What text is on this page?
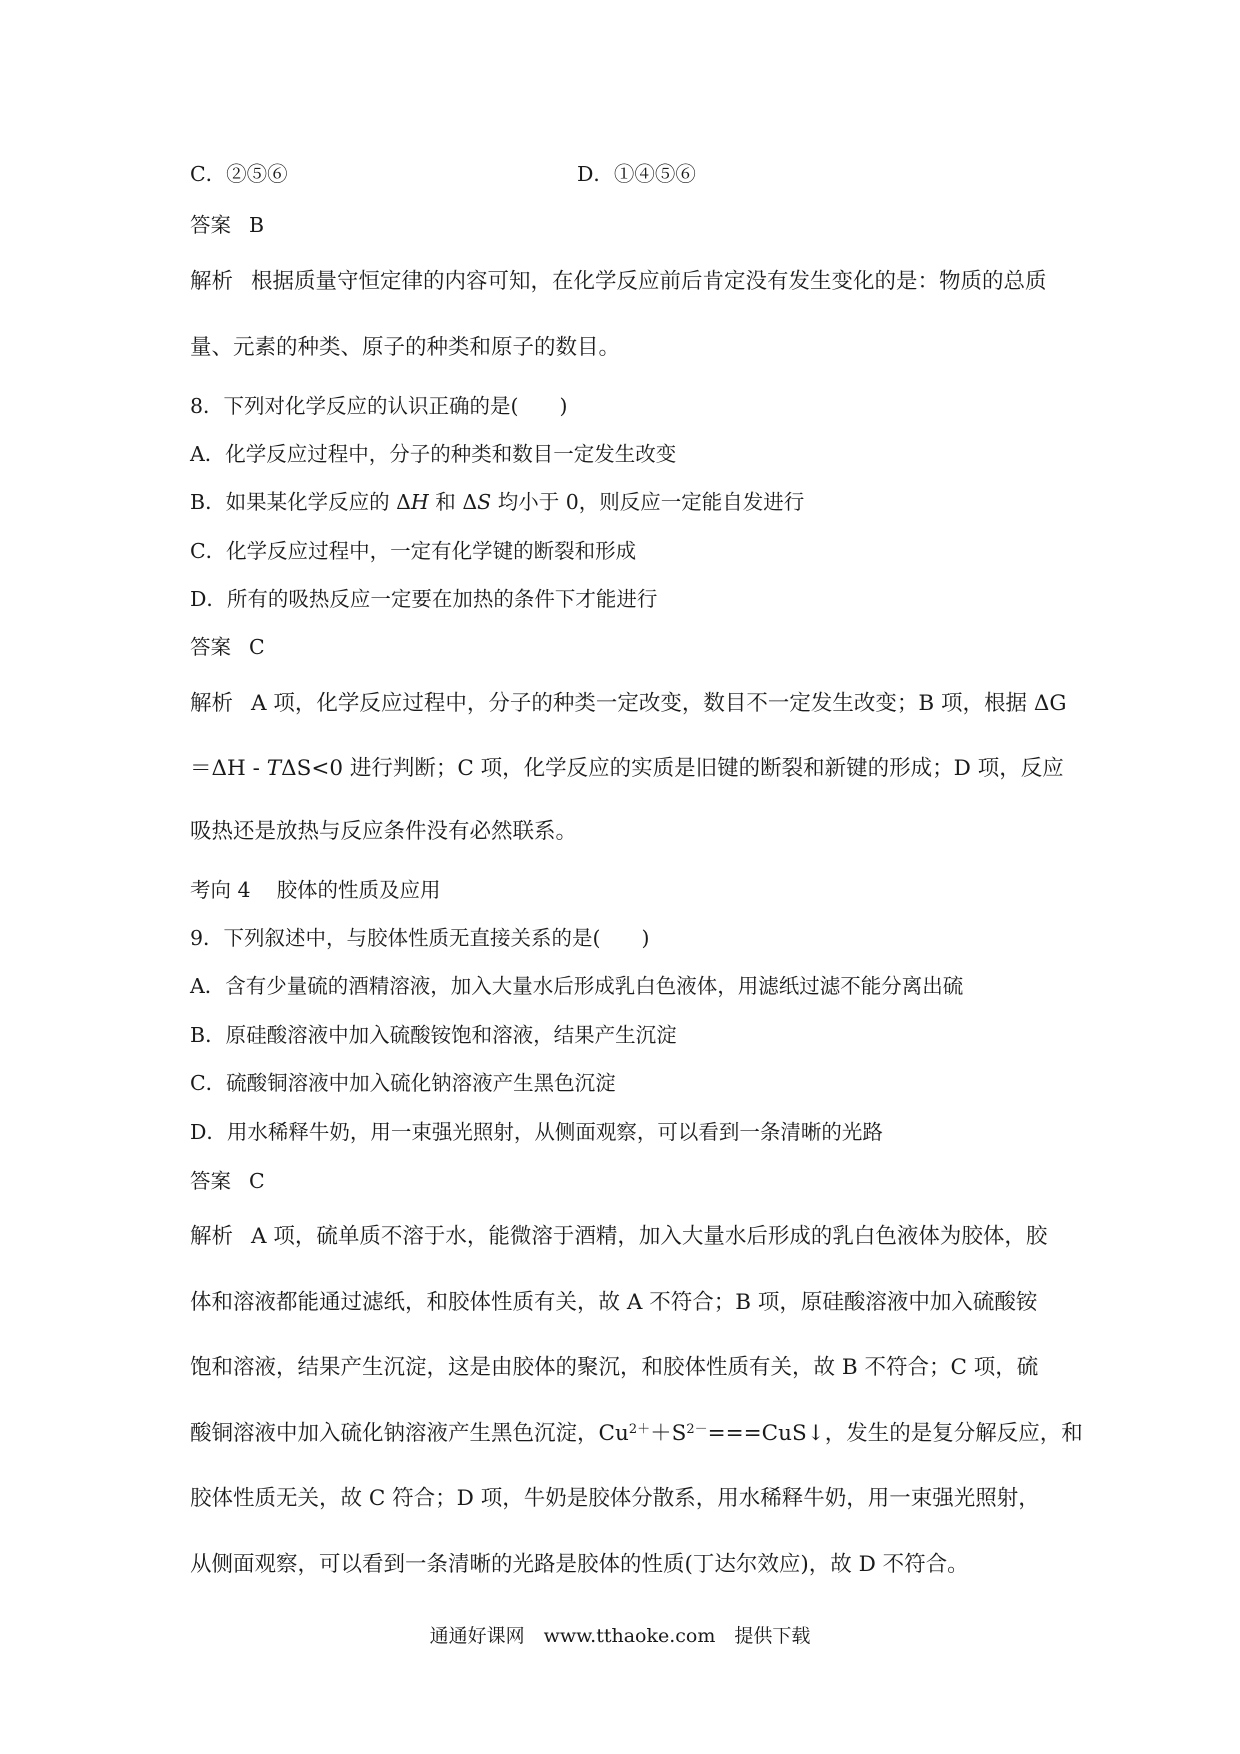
C．②⑤⑥	D．①④⑤⑥
答案 B
解析 根据质量守恒定律的内容可知，在化学反应前后肯定没有发生变化的是：物质的总质
量、元素的种类、原子的种类和原子的数目。
8．下列对化学反应的认识正确的是(　　)
A．化学反应过程中，分子的种类和数目一定发生改变
B．如果某化学反应的 ΔH 和 ΔS 均小于 0，则反应一定能自发进行
C．化学反应过程中，一定有化学键的断裂和形成
D．所有的吸热反应一定要在加热的条件下才能进行
答案 C
解析 A 项，化学反应过程中，分子的种类一定改变，数目不一定发生改变；B 项，根据 ΔG
＝ΔH - TΔS<0 进行判断；C 项，化学反应的实质是旧键的断裂和新键的形成；D 项，反应
吸热还是放热与反应条件没有必然联系。
考向 4 胶体的性质及应用
9．下列叙述中，与胶体性质无直接关系的是(　　)
A．含有少量硫的酒精溶液，加入大量水后形成乳白色液体，用滤纸过滤不能分离出硫
B．原硅酸溶液中加入硫酸铵饱和溶液，结果产生沉淀
C．硫酸铜溶液中加入硫化钠溶液产生黑色沉淀
D．用水稀释牛奶，用一束强光照射，从侧面观察，可以看到一条清晰的光路
答案 C
解析 A 项，硫单质不溶于水，能微溶于酒精，加入大量水后形成的乳白色液体为胶体，胶
体和溶液都能通过滤纸，和胶体性质有关，故 A 不符合；B 项，原硅酸溶液中加入硫酸铵
饱和溶液，结果产生沉淀，这是由胶体的聚沉，和胶体性质有关，故 B 不符合；C 项，硫
酸铜溶液中加入硫化钠溶液产生黑色沉淀，$Cu^{2+}+S^{2-}===CuS↓$，发生的是复分解反应，和
胶体性质无关，故 C 符合；D 项，牛奶是胶体分散系，用水稀释牛奶，用一束强光照射，
从侧面观察，可以看到一条清晰的光路是胶体的性质(丁达尔效应)，故 D 不符合。
通通好课网　www.tthaoke.com　提供下载
